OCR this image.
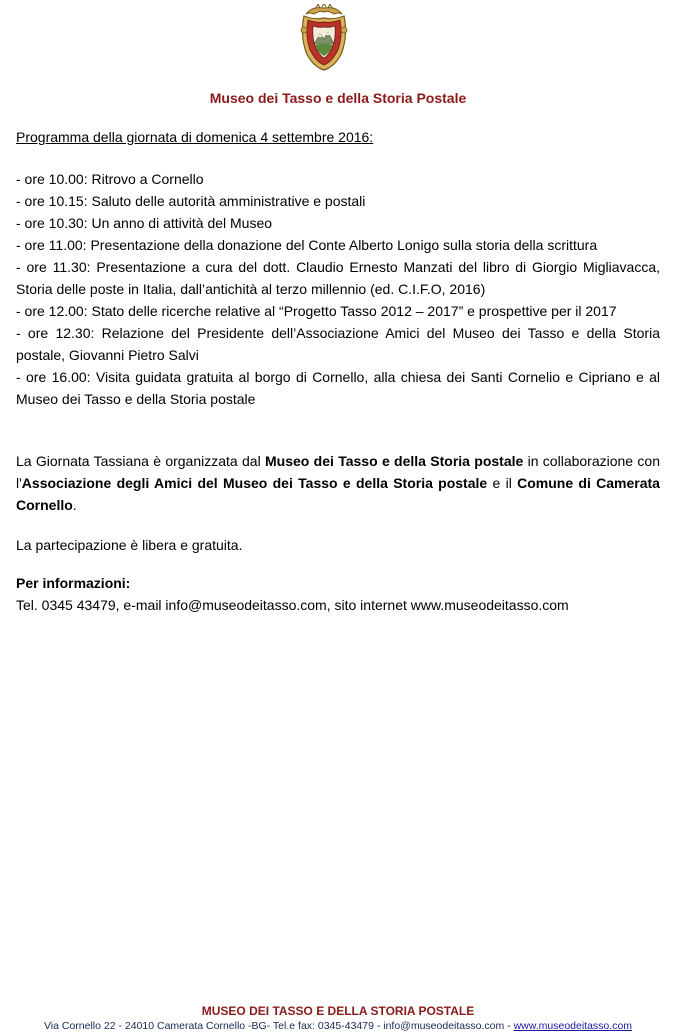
Museo dei Tasso e della Storia Postale

Programma della giornata di domenica 4 settembre 2016:

- ore 10.00: Ritrovo a Cornello
- ore 10.15: Saluto delle autorità amministrative e postali
- ore 10.30: Un anno di attività del Museo
- ore 11.00: Presentazione della donazione del Conte Alberto Lonigo sulla storia della scrittura
- ore 11.30: Presentazione a cura del dott. Claudio Ernesto Manzati del libro di Giorgio Migliavacca, Storia delle poste in Italia, dall’antichità al terzo millennio (ed. C.I.F.O, 2016)
- ore 12.00: Stato delle ricerche relative al “Progetto Tasso 2012 – 2017” e prospettive per il 2017
- ore 12.30: Relazione del Presidente dell’Associazione Amici del Museo dei Tasso e della Storia postale, Giovanni Pietro Salvi
- ore 16.00: Visita guidata gratuita al borgo di Cornello, alla chiesa dei Santi Cornelio e Cipriano e al Museo dei Tasso e della Storia postale

La Giornata Tassiana è organizzata dal Museo dei Tasso e della Storia postale in collaborazione con l'Associazione degli Amici del Museo dei Tasso e della Storia postale e il Comune di Camerata Cornello.

La partecipazione è libera e gratuita.

Per informazioni:

Tel. 0345 43479, e-mail info@museodeitasso.com, sito internet www.museodeitasso.com

MUSEO DEI TASSO E DELLA STORIA POSTALE
Via Cornello 22 - 24010 Camerata Cornello -BG- Tel.e fax: 0345-43479 - info@museodeitasso.com - www.museodeitasso.com
